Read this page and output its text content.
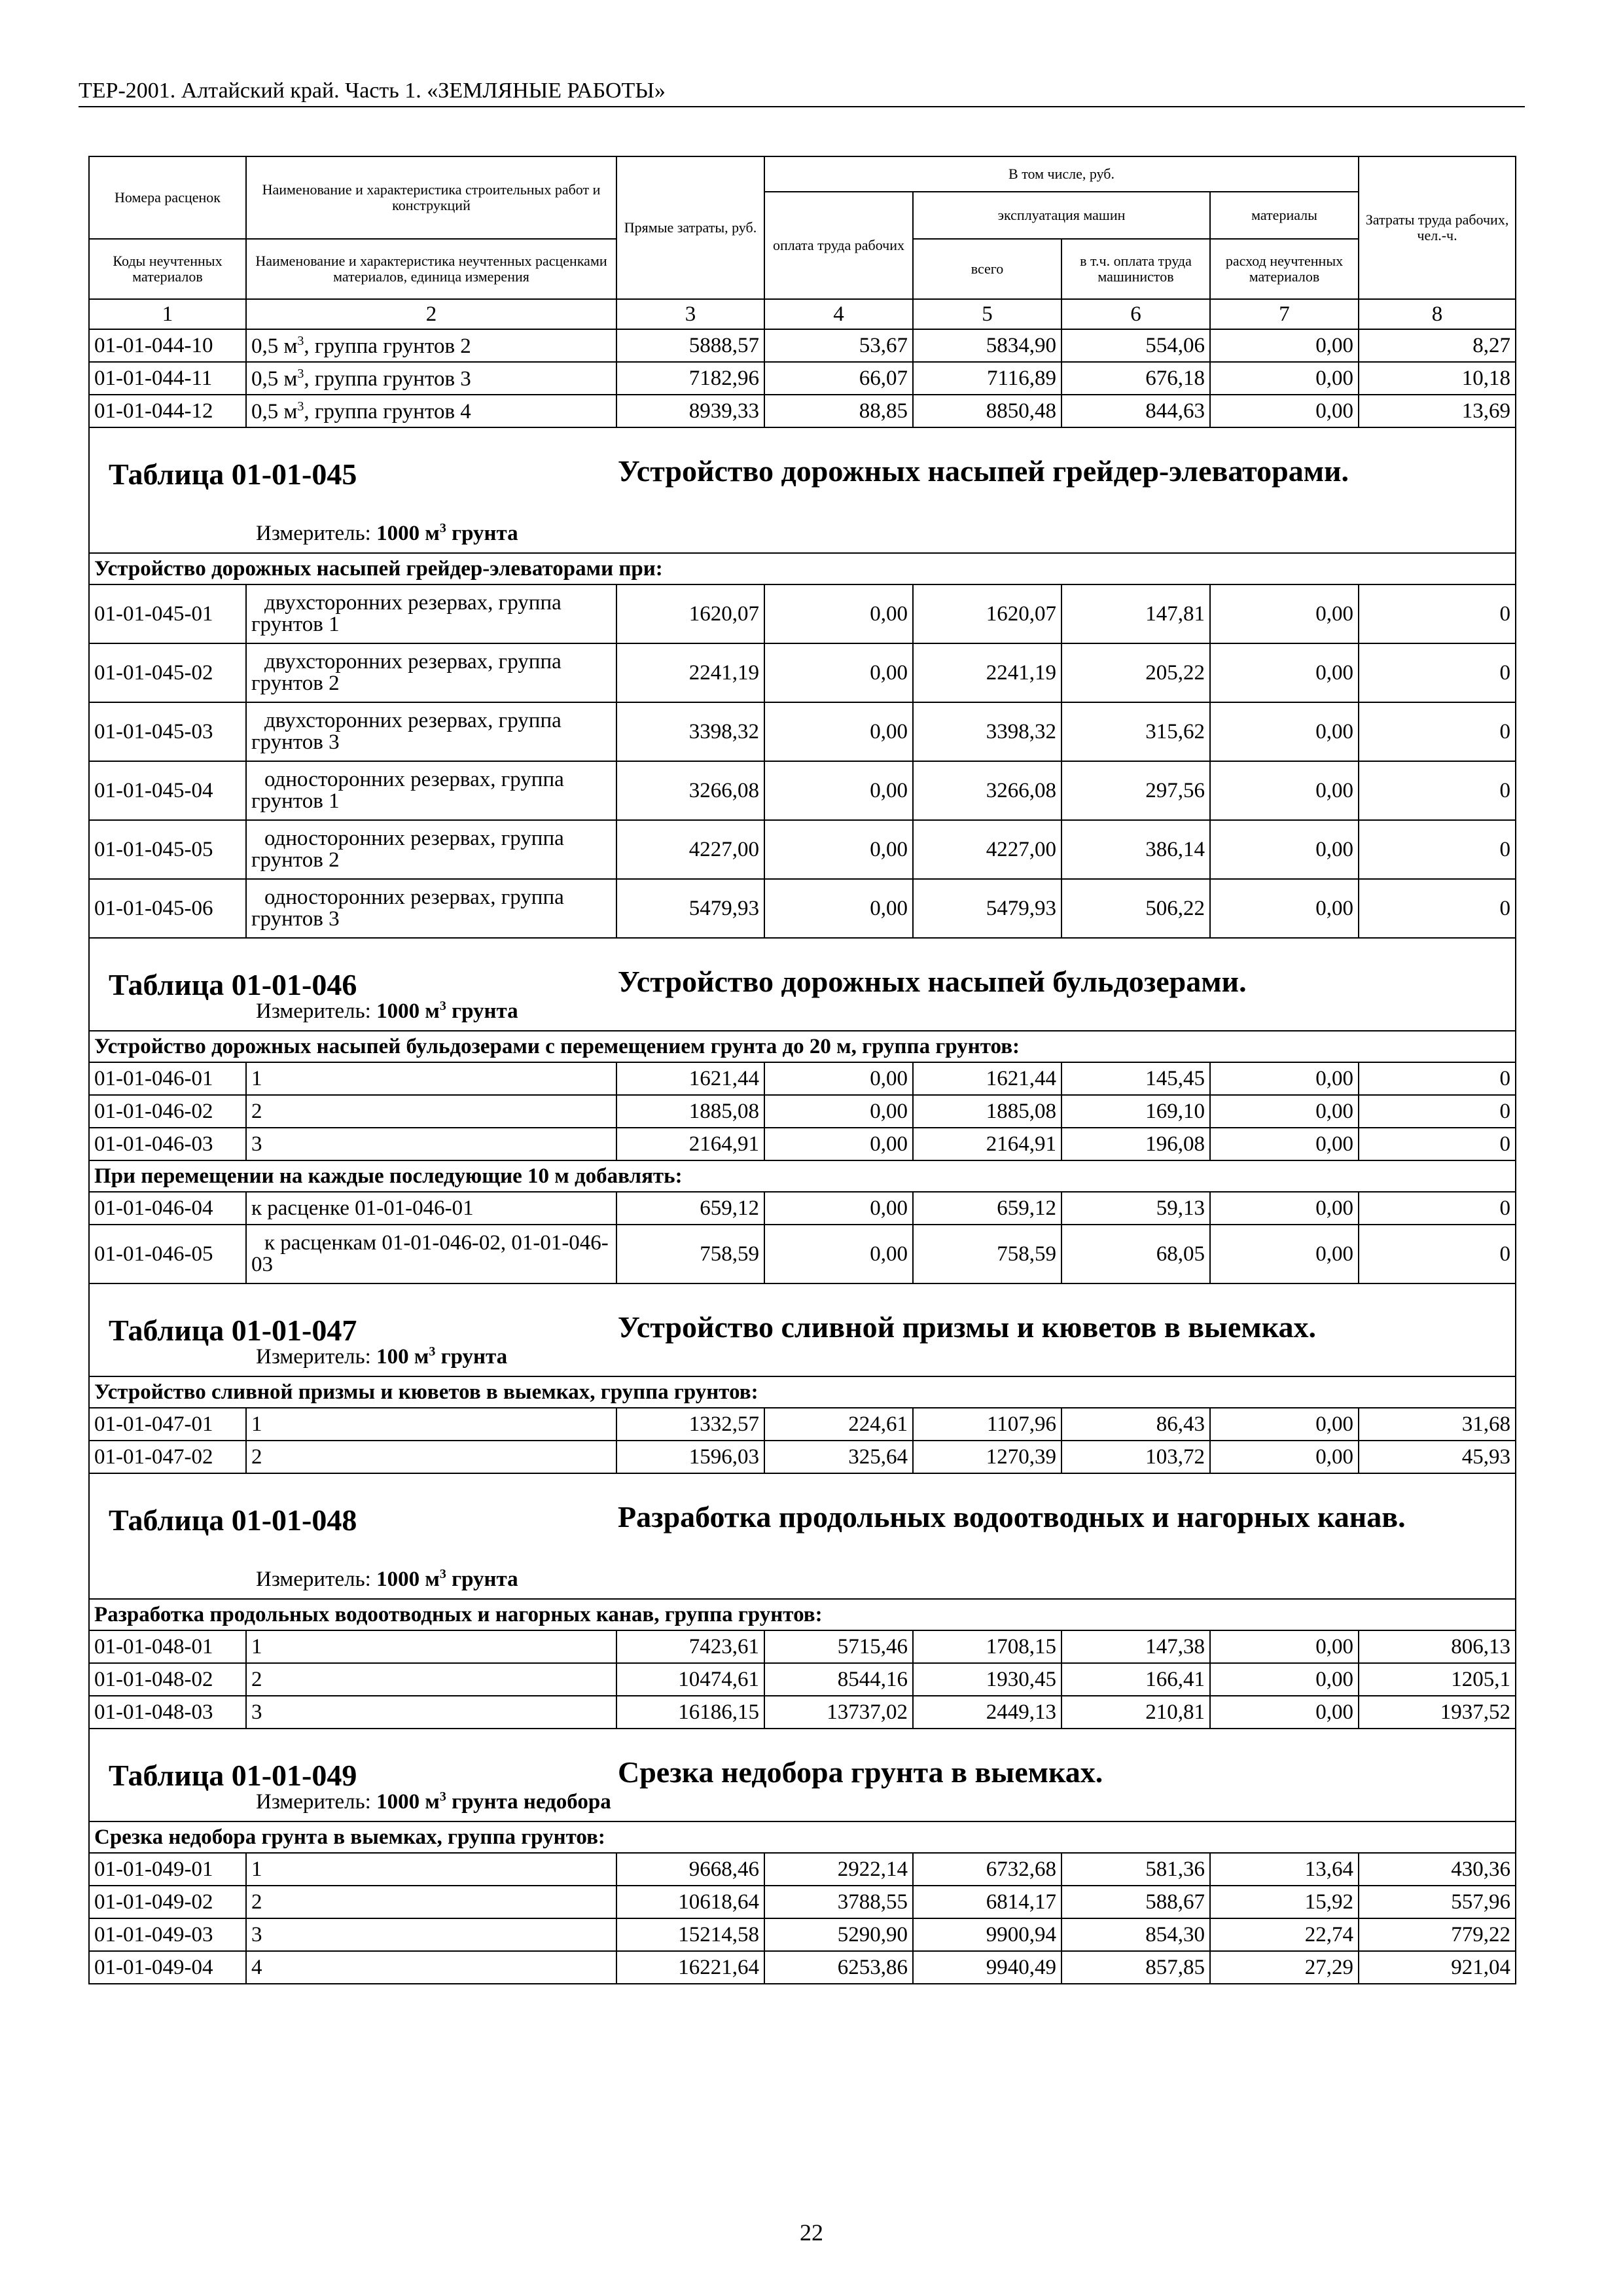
ТЕР-2001. Алтайский край. Часть 1. «ЗЕМЛЯНЫЕ РАБОТЫ»
Номера расценок	Наименование и характеристика строительных работ и конструкций	Прямые затраты, руб.	В том числе, руб.				Затраты труда рабочих, чел.-ч.
			оплата труда рабочих	эксплуатация машин		материалы	
Коды неучтенных материалов	Наименование и характеристика неучтенных расценками материалов, единица измерения			всего	в т.ч. оплата труда машинистов	расход неучтенных материалов	

1	2	3	4	5	6	7	8
01-01-044-10	0,5 $м^3$, группа грунтов 2	5888,57	53,67	5834,90	554,06	0,00	8,27
01-01-044-11	0,5 $м^3$, группа грунтов 3	7182,96	66,07	7116,89	676,18	0,00	10,18
01-01-044-12	0,5 $м^3$, группа грунтов 4	8939,33	88,85	8850,48	844,63	0,00	13,69

Таблица 01-01-045 Устройство дорожных насыпей грейдер-элеваторами.
Измеритель: 1000 $м^3$ грунта							

Устройство дорожных насыпей грейдер-элеваторами при:							
01-01-045-01	двухсторонних резервах, группа грунтов 1	1620,07	0,00	1620,07	147,81	0,00	0
01-01-045-02	двухсторонних резервах, группа грунтов 2	2241,19	0,00	2241,19	205,22	0,00	0
01-01-045-03	двухсторонних резервах, группа грунтов 3	3398,32	0,00	3398,32	315,62	0,00	0
01-01-045-04	односторонних резервах, группа грунтов 1	3266,08	0,00	3266,08	297,56	0,00	0
01-01-045-05	односторонних резервах, группа грунтов 2	4227,00	0,00	4227,00	386,14	0,00	0
01-01-045-06	односторонних резервах, группа грунтов 3	5479,93	0,00	5479,93	506,22	0,00	0

Таблица 01-01-046 Устройство дорожных насыпей бульдозерами.
Измеритель: 1000 $м^3$ грунта							

Устройство дорожных насыпей бульдозерами с перемещением грунта до 20 м, группа грунтов:							
01-01-046-01	1	1621,44	0,00	1621,44	145,45	0,00	0
01-01-046-02	2	1885,08	0,00	1885,08	169,10	0,00	0
01-01-046-03	3	2164,91	0,00	2164,91	196,08	0,00	0
При перемещении на каждые последующие 10 м добавлять:							
01-01-046-04	к расценке 01-01-046-01	659,12	0,00	659,12	59,13	0,00	0
01-01-046-05	к расценкам 01-01-046-02, 01-01-046-03	758,59	0,00	758,59	68,05	0,00	0

Таблица 01-01-047 Устройство сливной призмы и кюветов в выемках.
Измеритель: 100 $м^3$ грунта							

Устройство сливной призмы и кюветов в выемках, группа грунтов:							
01-01-047-01	1	1332,57	224,61	1107,96	86,43	0,00	31,68
01-01-047-02	2	1596,03	325,64	1270,39	103,72	0,00	45,93

Таблица 01-01-048 Разработка продольных водоотводных и нагорных канав.
Измеритель: 1000 $м^3$ грунта							

Разработка продольных водоотводных и нагорных канав, группа грунтов:							
01-01-048-01	1	7423,61	5715,46	1708,15	147,38	0,00	806,13
01-01-048-02	2	10474,61	8544,16	1930,45	166,41	0,00	1205,1
01-01-048-03	3	16186,15	13737,02	2449,13	210,81	0,00	1937,52

Таблица 01-01-049 Срезка недобора грунта в выемках.
Измеритель: 1000 $м^3$ грунта недобора							

Срезка недобора грунта в выемках, группа грунтов:							
01-01-049-01	1	9668,46	2922,14	6732,68	581,36	13,64	430,36
01-01-049-02	2	10618,64	3788,55	6814,17	588,67	15,92	557,96
01-01-049-03	3	15214,58	5290,90	9900,94	854,30	22,74	779,22
01-01-049-04	4	16221,64	6253,86	9940,49	857,85	27,29	921,04
22
